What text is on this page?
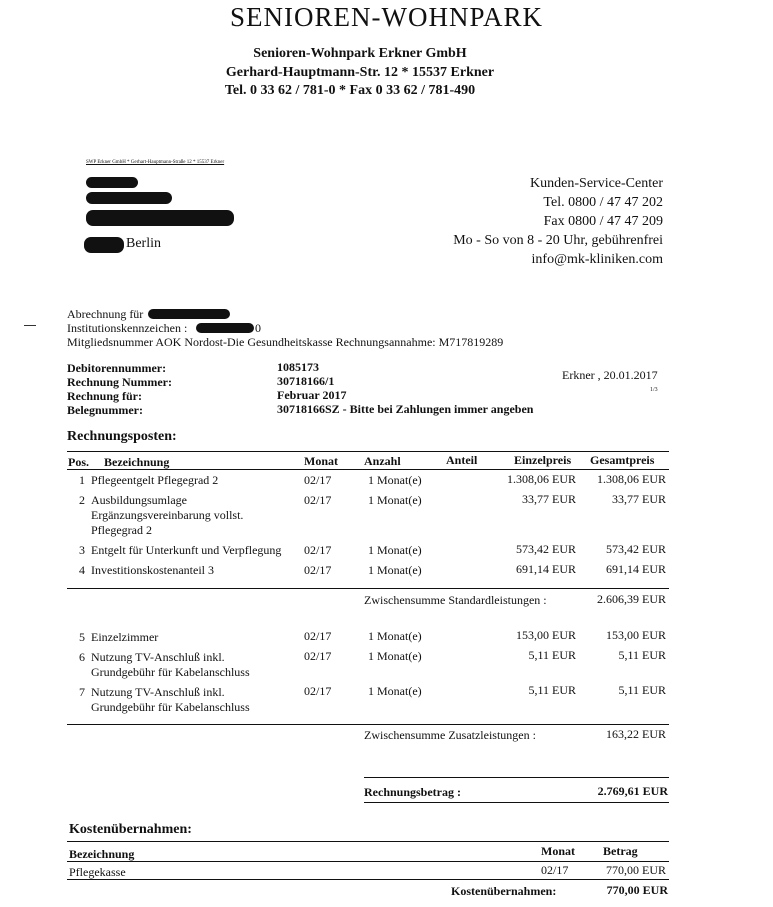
SENIOREN-WOHNPARK
Senioren-Wohnpark Erkner GmbH
Gerhard-Hauptmann-Str. 12 * 15537 Erkner
Tel. 0 33 62 / 781-0 * Fax 0 33 62 / 781-490
SWP Erkner GmbH * Gerhart-Hauptmann-Straße 12 * 15537 Erkner
Berlin
Kunden-Service-Center
Tel. 0800 / 47 47 202
Fax 0800 / 47 47 209
Mo - So von 8 - 20 Uhr, gebührenfrei
info@mk-kliniken.com
Abrechnung für
Institutionskennzeichen :	0
Mitgliedsnummer AOK Nordost-Die Gesundheitskasse Rechnungsannahme: M717819289
Debitorennummer:	1085173
Rechnung Nummer:	30718166/1
Rechnung für:	Februar 2017
Belegnummer:	30718166SZ - Bitte bei Zahlungen immer angeben
Erkner , 20.01.2017
1/3
Rechnungsposten:
Pos. Bezeichnung	Monat Anzahl	Anteil	Einzelpreis Gesamtpreis
1 Pflegeentgelt Pflegegrad 2	02/17	1 Monat(e)	1.308,06 EUR	1.308,06 EUR
2 Ausbildungsumlage
Ergänzungsvereinbarung vollst.
Pflegegrad 2
02/17	1 Monat(e)	33,77 EUR	33,77 EUR
3 Entgelt für Unterkunft und Verpflegung 02/17	1 Monat(e)	573,42 EUR	573,42 EUR
4 Investitionskostenanteil 3	02/17	1 Monat(e)	691,14 EUR	691,14 EUR
Zwischensumme Standardleistungen :	2.606,39 EUR
5 Einzelzimmer	02/17	1 Monat(e)	153,00 EUR	153,00 EUR
6 Nutzung TV-Anschluß inkl.
Grundgebühr für Kabelanschluss
02/17	1 Monat(e)	5,11 EUR	5,11 EUR
7 Nutzung TV-Anschluß inkl.
Grundgebühr für Kabelanschluss
02/17	1 Monat(e)	5,11 EUR	5,11 EUR
Zwischensumme Zusatzleistungen :	163,22 EUR
Rechnungsbetrag :	2.769,61 EUR
Kostenübernahmen:
Bezeichnung	Monat Betrag
Pflegekasse	02/17	770,00 EUR
Kostenübernahmen:	770,00 EUR
